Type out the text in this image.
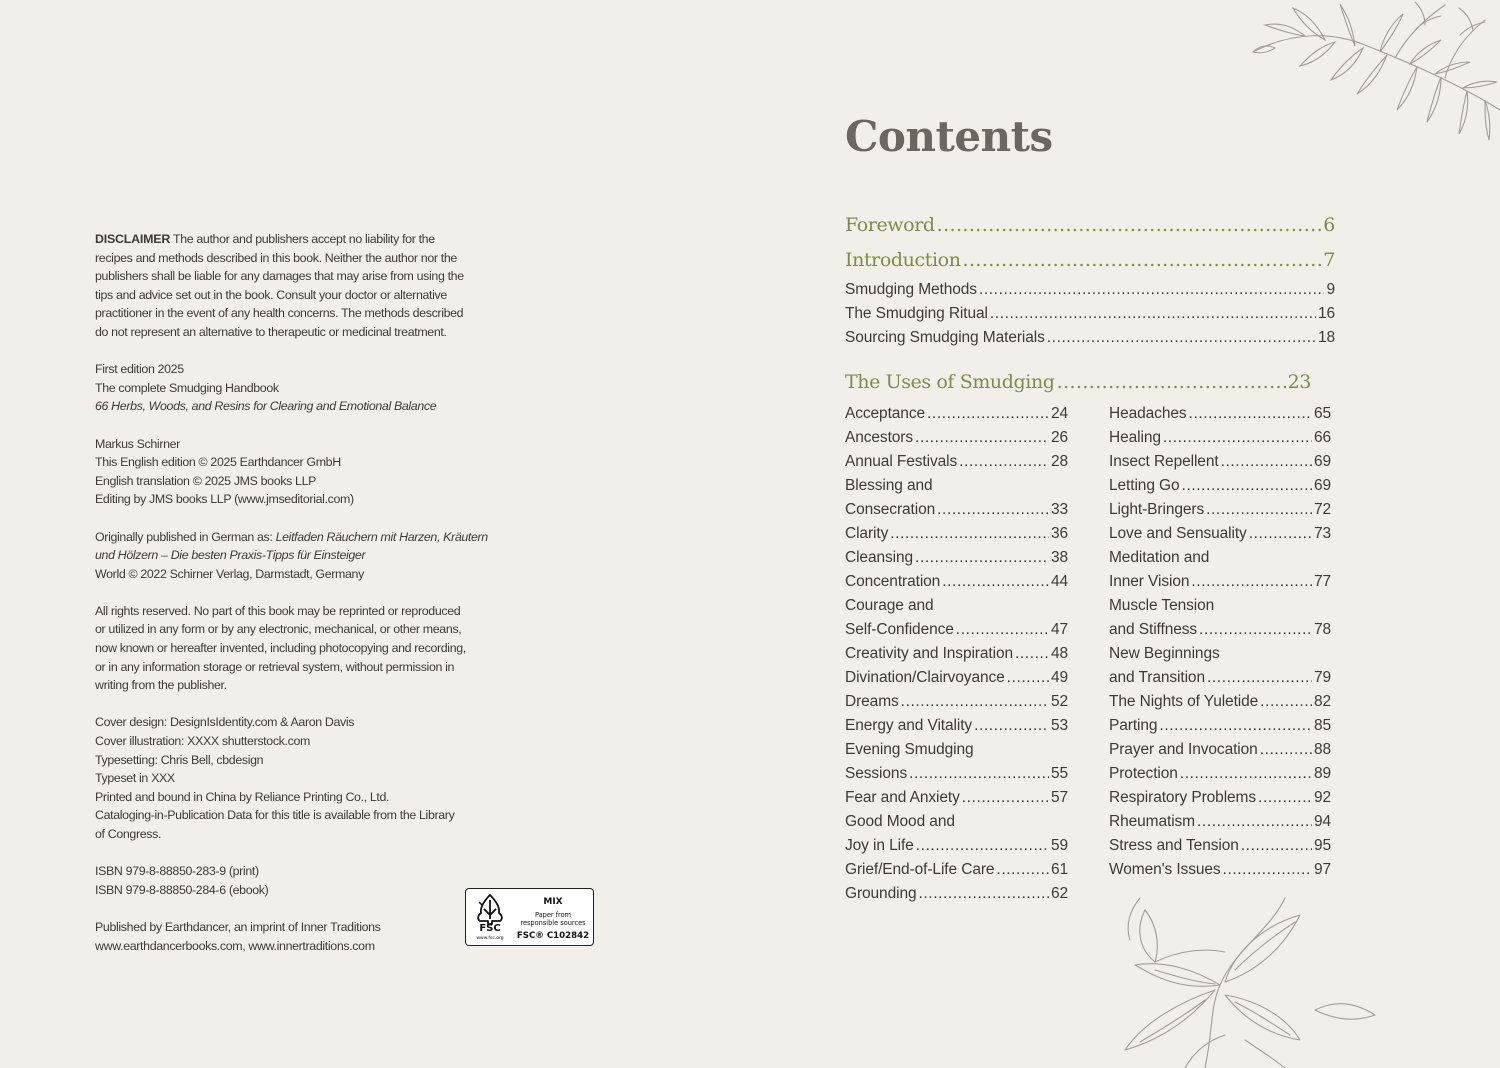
DISCLAIMER The author and publishers accept no liability for the
recipes and methods described in this book. Neither the author nor the
publishers shall be liable for any damages that may arise from using the
tips and advice set out in the book. Consult your doctor or alternative
practitioner in the event of any health concerns. The methods described
do not represent an alternative to therapeutic or medicinal treatment.

First edition 2025
The complete Smudging Handbook
66 Herbs, Woods, and Resins for Clearing and Emotional Balance

Markus Schirner
This English edition © 2025 Earthdancer GmbH
English translation © 2025 JMS books LLP
Editing by JMS books LLP (www.jmseditorial.com)

Originally published in German as: Leitfaden Räuchern mit Harzen, Kräutern
und Hölzern – Die besten Praxis-Tipps für Einsteiger
World © 2022 Schirner Verlag, Darmstadt, Germany

All rights reserved. No part of this book may be reprinted or reproduced
or utilized in any form or by any electronic, mechanical, or other means,
now known or hereafter invented, including photocopying and recording,
or in any information storage or retrieval system, without permission in
writing from the publisher.

Cover design: DesignIsIdentity.com & Aaron Davis
Cover illustration: XXXX shutterstock.com
Typesetting: Chris Bell, cbdesign
Typeset in XXX
Printed and bound in China by Reliance Printing Co., Ltd.
Cataloging-in-Publication Data for this title is available from the Library
of Congress.

ISBN 979-8-88850-283-9 (print)
ISBN 979-8-88850-284-6 (ebook)

Published by Earthdancer, an imprint of Inner Traditions
www.earthdancerbooks.com, www.innertraditions.com

FSC
www.fsc.org
MIX
Paper from
responsible sources
FSC® C102842
Contents
Foreword .....	6
Introduction .....	7
Smudging Methods .....	9
The Smudging Ritual .....	16
Sourcing Smudging Materials .....	18
The Uses of Smudging .....	23
Acceptance .....	24
Ancestors .....	26
Annual Festivals .....	28
Blessing and
Consecration .....	33
Clarity .....	36
Cleansing .....	38
Concentration .....	44
Courage and
Self-Confidence .....	47
Creativity and Inspiration ..... 48
Divination/Clairvoyance .....	49
Dreams .....	52
Energy and Vitality .....	53
Evening Smudging
Sessions .....	55
Fear and Anxiety .....	57
Good Mood and
Joy in Life .....	59
Grief/End-of-Life Care .....	61
Grounding .....	62
Headaches .....	65
Healing .....	66
Insect Repellent .....	69
Letting Go .....	69
Light-Bringers .....	72
Love and Sensuality .....	73
Meditation and
Inner Vision .....	77
Muscle Tension
and Stiffness .....	78
New Beginnings
and Transition .....	79
The Nights of Yuletide .....	82
Parting .....	85
Prayer and Invocation .....	88
Protection .....	89
Respiratory Problems .....	92
Rheumatism .....	94
Stress and Tension .....	95
Women's Issues .....	97
